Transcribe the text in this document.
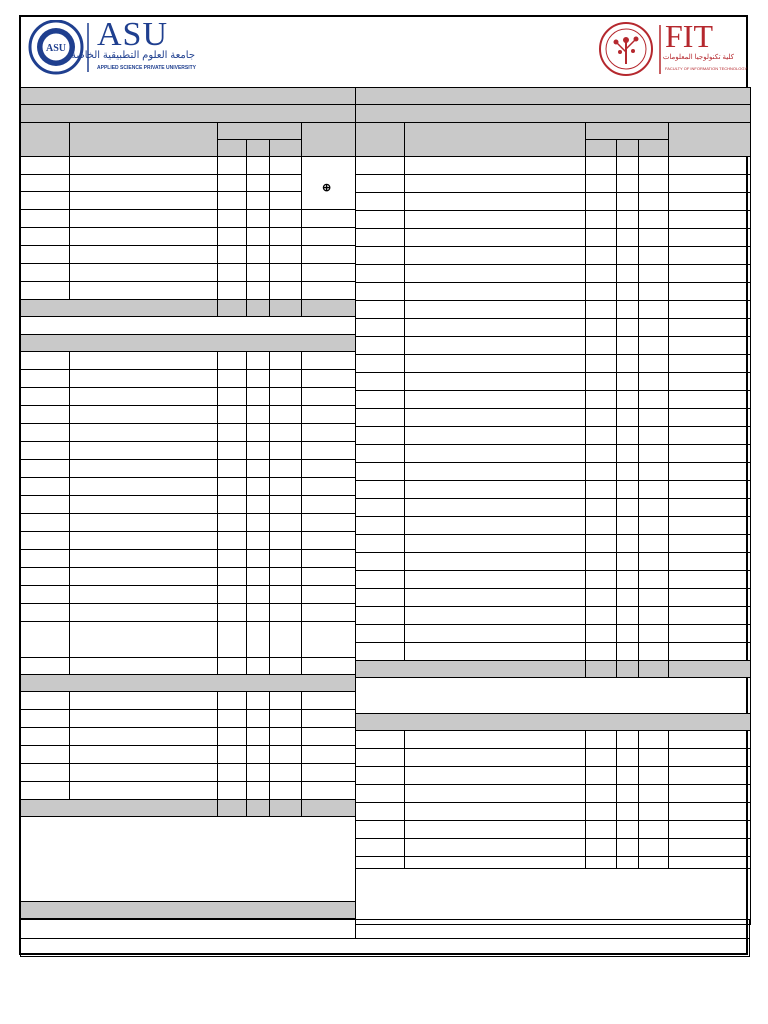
ASU ASU
جامعة العلوم التطبيقية الخاصة
APPLIED SCIENCE PRIVATE UNIVERSITY
FIT
كلية تكنولوجيا المعلومات
FACULTY OF INFORMATION TECHNOLOGY

⊕
